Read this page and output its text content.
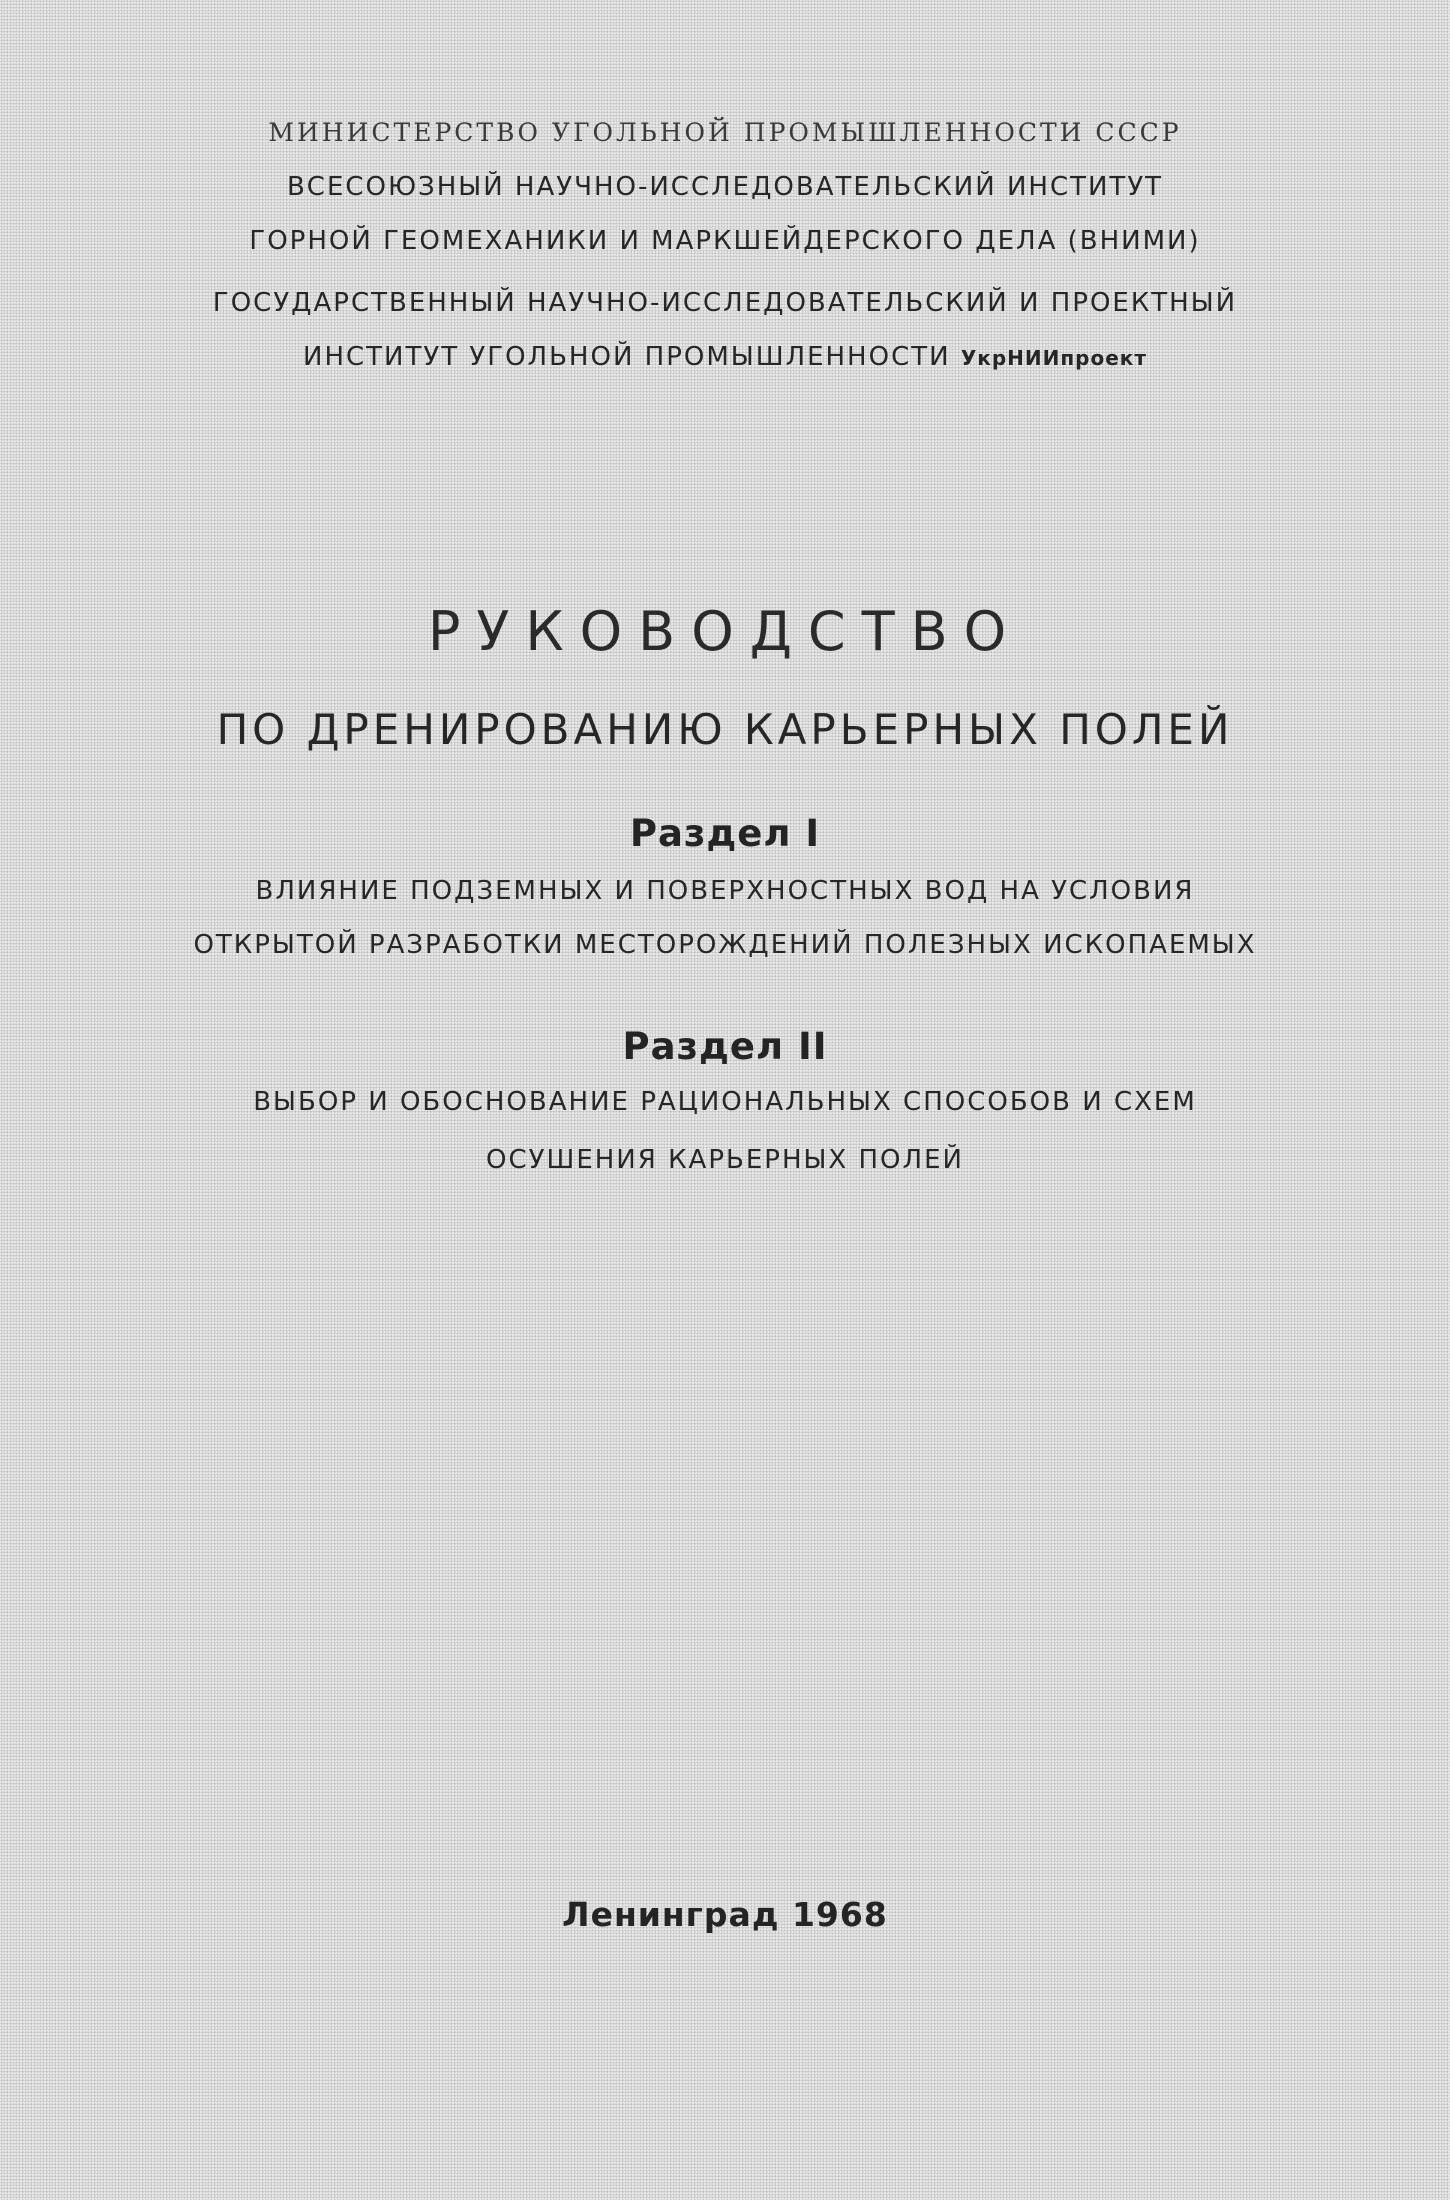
МИНИСТЕРСТВО УГОЛЬНОЙ ПРОМЫШЛЕННОСТИ СССР
ВСЕСОЮЗНЫЙ НАУЧНО-ИССЛЕДОВАТЕЛЬСКИЙ ИНСТИТУТ
ГОРНОЙ ГЕОМЕХАНИКИ И МАРКШЕЙДЕРСКОГО ДЕЛА (ВНИМИ)
ГОСУДАРСТВЕННЫЙ НАУЧНО-ИССЛЕДОВАТЕЛЬСКИЙ И ПРОЕКТНЫЙ
ИНСТИТУТ УГОЛЬНОЙ ПРОМЫШЛЕННОСТИ УкрНИИпроект
РУКОВОДСТВО
ПО ДРЕНИРОВАНИЮ КАРЬЕРНЫХ ПОЛЕЙ
Раздел I
ВЛИЯНИЕ ПОДЗЕМНЫХ И ПОВЕРХНОСТНЫХ ВОД НА УСЛОВИЯ
ОТКРЫТОЙ РАЗРАБОТКИ МЕСТОРОЖДЕНИЙ ПОЛЕЗНЫХ ИСКОПАЕМЫХ
Раздел II
ВЫБОР И ОБОСНОВАНИЕ РАЦИОНАЛЬНЫХ СПОСОБОВ И СХЕМ
ОСУШЕНИЯ КАРЬЕРНЫХ ПОЛЕЙ
Ленинград 1968
